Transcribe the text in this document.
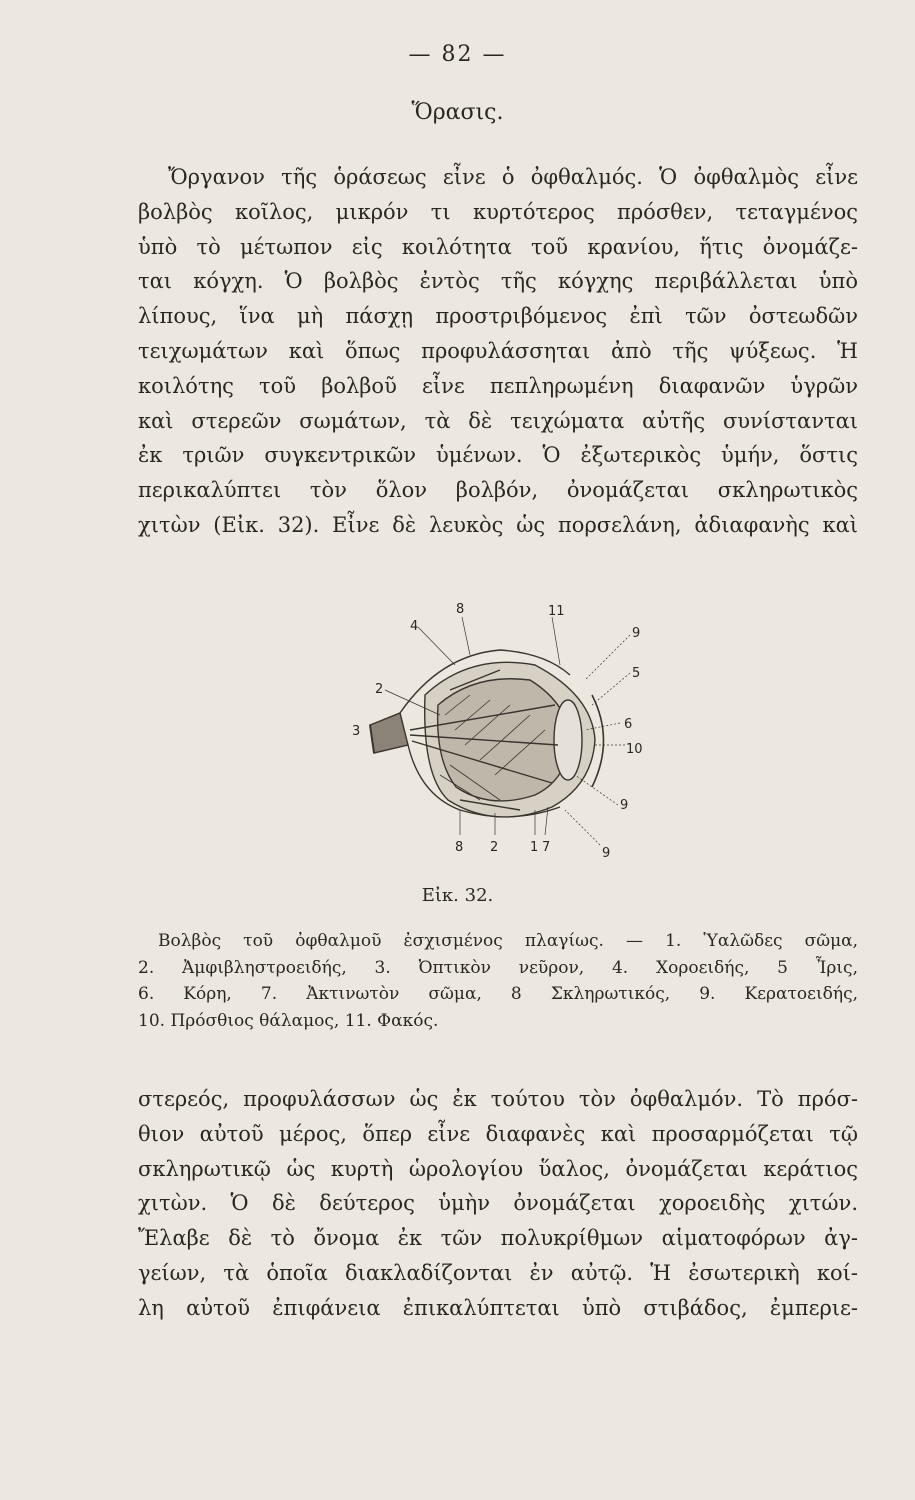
— 82 —
Ὅρασις.
Ὄργανον τῆς ὁράσεως εἶνε ὁ ὀφθαλμός. Ὁ ὀφθαλμὸς εἶνε
βολβὸς κοῖλος, μικρόν τι κυρτότερος πρόσθεν, τεταγμένος
ὑπὸ τὸ μέτωπον εἰς κοιλότητα τοῦ κρανίου, ἥτις ὀνομάζε-
ται κόγχη. Ὁ βολβὸς ἐντὸς τῆς κόγχης περιβάλλεται ὑπὸ
λίπους, ἵνα μὴ πάσχῃ προστριβόμενος ἐπὶ τῶν ὀστεωδῶν
τειχωμάτων καὶ ὅπως προφυλάσσηται ἀπὸ τῆς ψύξεως. Ἡ
κοιλότης τοῦ βολβοῦ εἶνε πεπληρωμένη διαφανῶν ὑγρῶν
καὶ στερεῶν σωμάτων, τὰ δὲ τειχώματα αὐτῆς συνίστανται
ἐκ τριῶν συγκεντρικῶν ὑμένων. Ὁ ἐξωτερικὸς ὑμήν, ὅστις
περικαλύπτει τὸν ὅλον βολβόν, ὀνομάζεται σκληρωτικὸς
χιτὼν (Εἰκ. 32). Εἶνε δὲ λευκὸς ὡς πορσελάνη, ἀδιαφανὴς καὶ
8	11
4	9
5
2
3	6
10
9
8 2 1 7	9
Εἰκ. 32.
Βολβὸς τοῦ ὀφθαλμοῦ ἐσχισμένος πλαγίως. — 1. Ὑαλῶδες σῶμα,
2. Ἀμφιβληστροειδής, 3. Ὀπτικὸν νεῦρον, 4. Χοροειδής, 5 Ἶρις,
6. Κόρη, 7. Ἀκτινωτὸν σῶμα, 8 Σκληρωτικός, 9. Κερατοειδής,
10. Πρόσθιος θάλαμος, 11. Φακός.
στερεός, προφυλάσσων ὡς ἐκ τούτου τὸν ὀφθαλμόν. Τὸ πρόσ-
θιον αὐτοῦ μέρος, ὅπερ εἶνε διαφανὲς καὶ προσαρμόζεται τῷ
σκληρωτικῷ ὡς κυρτὴ ὡρολογίου ὕαλος, ὀνομάζεται κεράτιος
χιτὼν. Ὁ δὲ δεύτερος ὑμὴν ὀνομάζεται χοροειδὴς χιτών.
Ἔλαβε δὲ τὸ ὄνομα ἐκ τῶν πολυκρίθμων αἱματοφόρων ἀγ-
γείων, τὰ ὁποῖα διακλαδίζονται ἐν αὐτῷ. Ἡ ἐσωτερικὴ κοί-
λη αὐτοῦ ἐπιφάνεια ἐπικαλύπτεται ὑπὸ στιβάδος, ἐμπεριε-
